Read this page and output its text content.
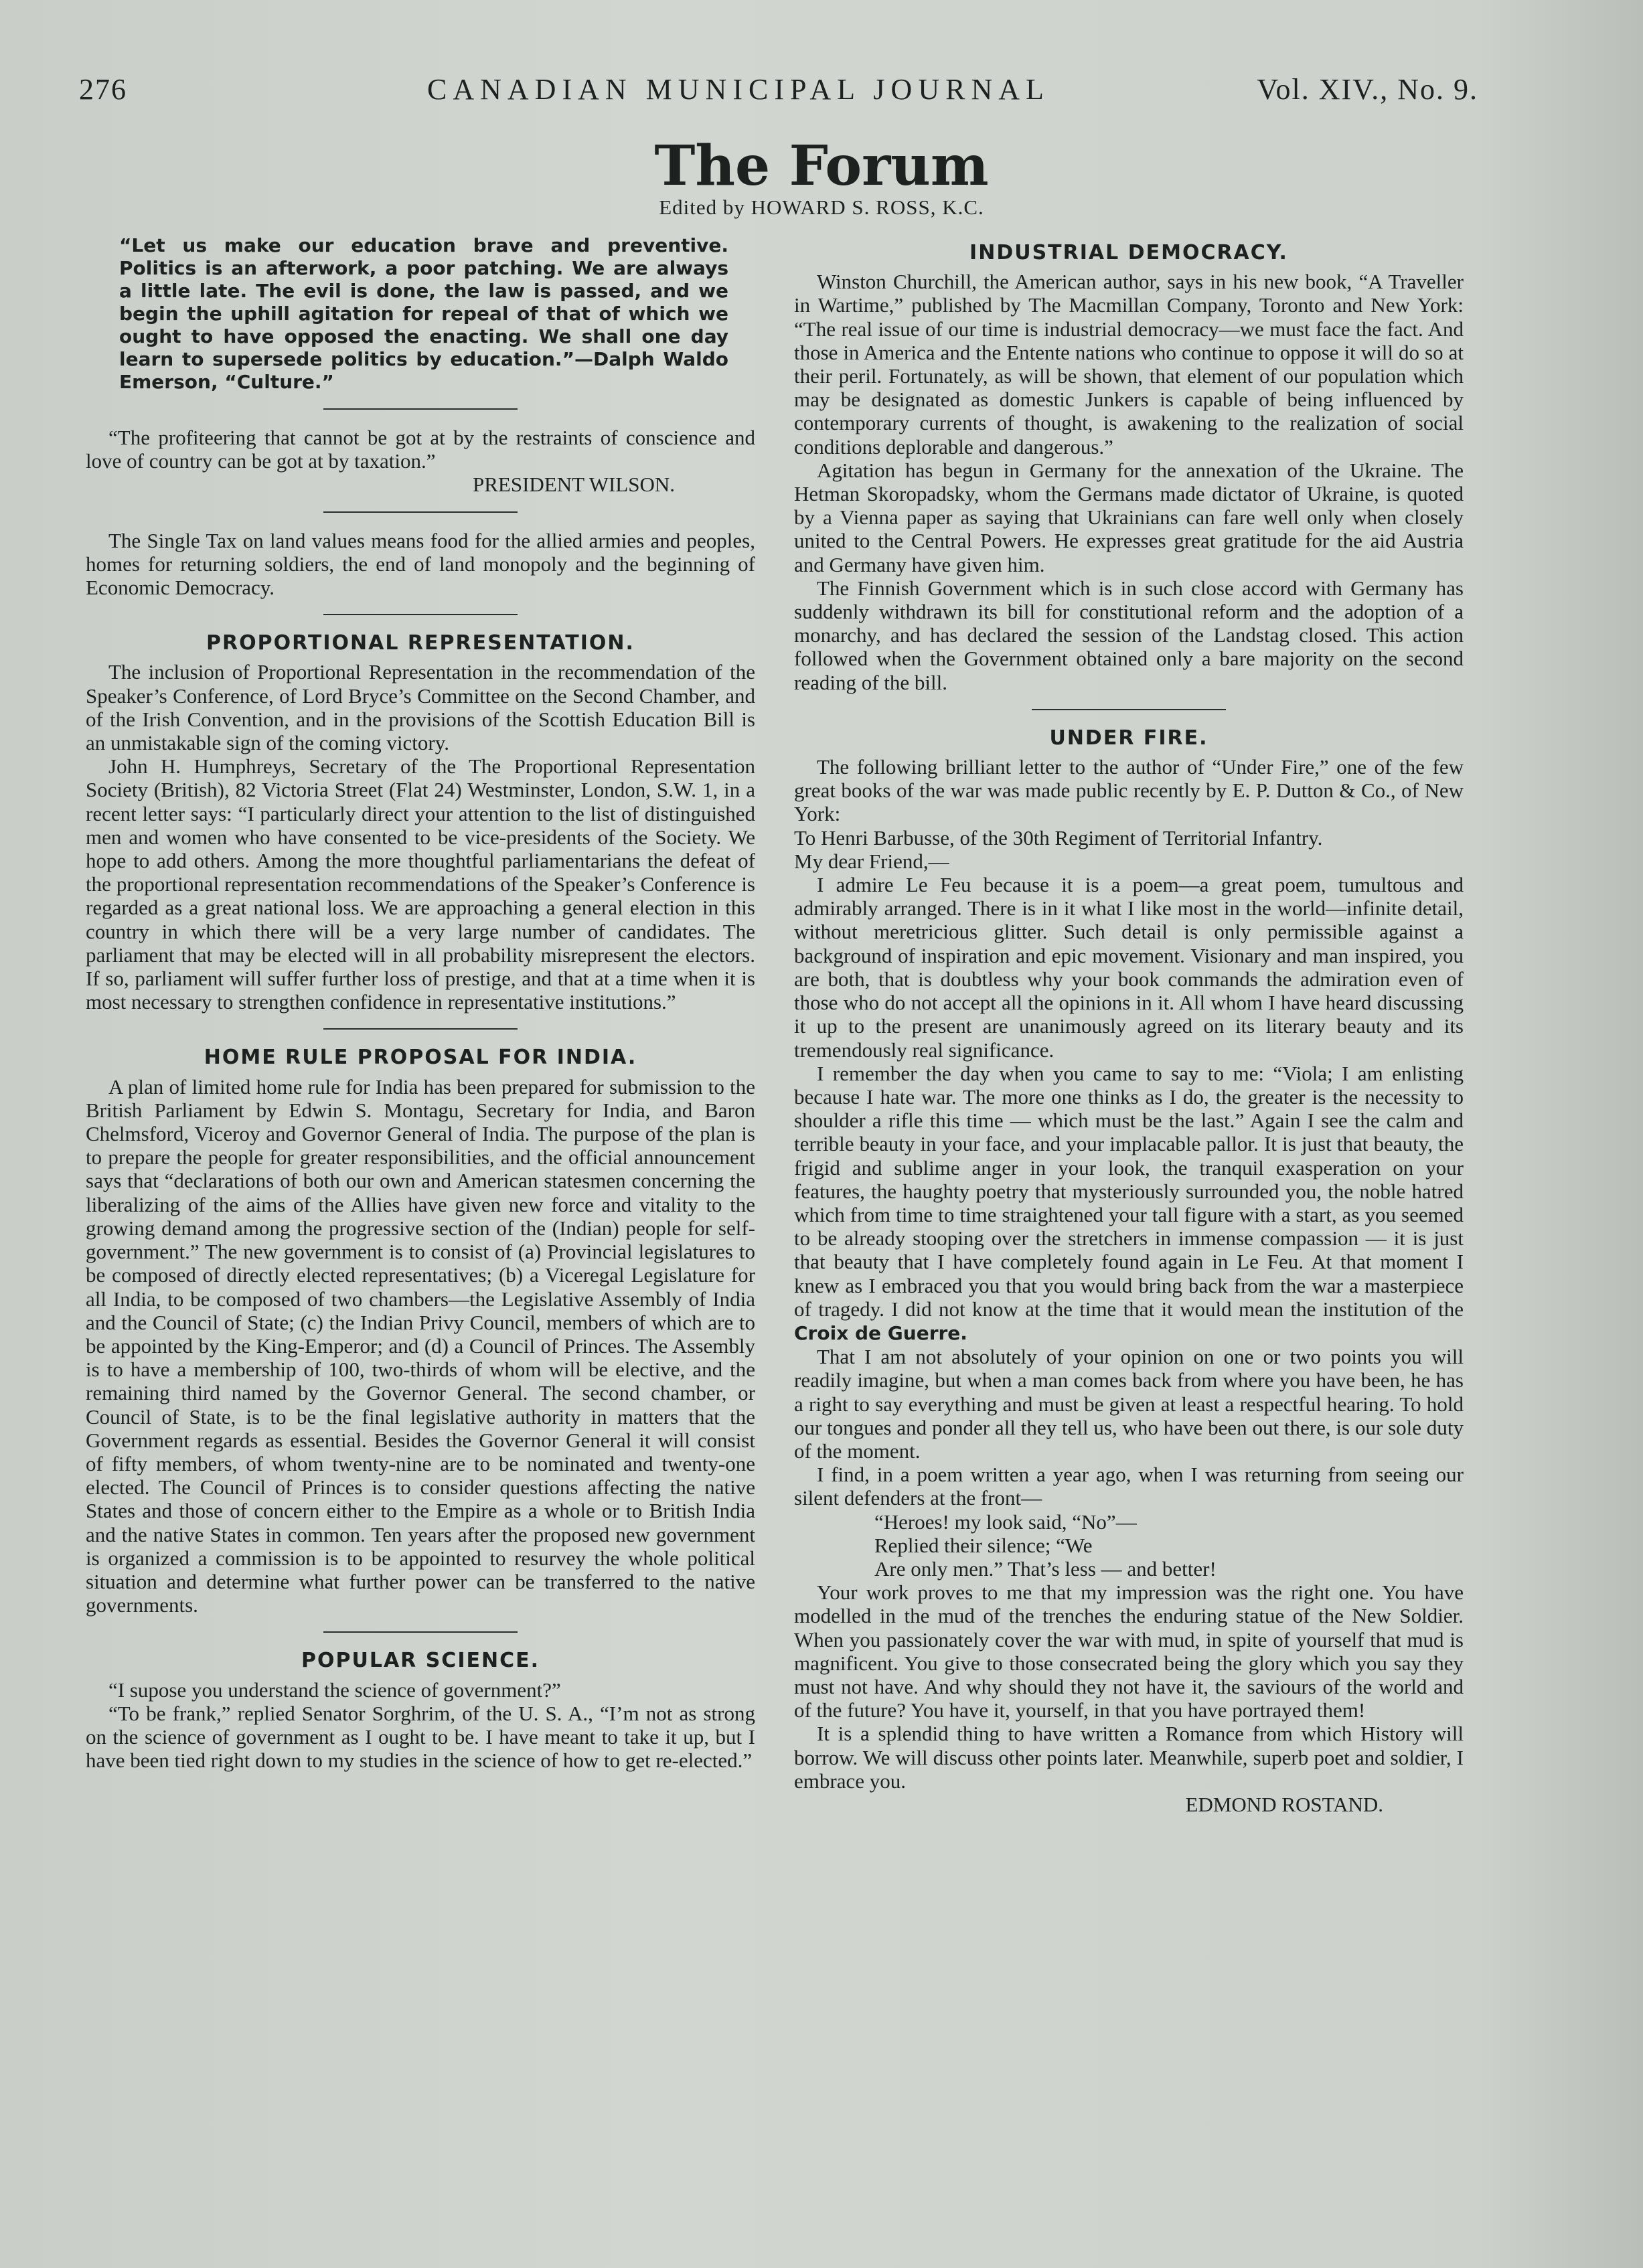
276	CANADIAN MUNICIPAL JOURNAL	Vol. XIV., No. 9.
The Forum
Edited by HOWARD S. ROSS, K.C.

“Let us make our education brave and preventive. Politics is an afterwork, a poor patching. We are always a little late. The evil is done, the law is passed, and we begin the uphill agitation for repeal of that of which we ought to have opposed the enacting. We shall one day learn to supersede politics by education.”—Dalph Waldo Emerson, “Culture.”

“The profiteering that cannot be got at by the restraints of conscience and love of country can be got at by taxation.”

PRESIDENT WILSON.

The Single Tax on land values means food for the allied armies and peoples, homes for returning soldiers, the end of land monopoly and the beginning of Economic Democracy.

PROPORTIONAL REPRESENTATION.

The inclusion of Proportional Representation in the recommendation of the Speaker’s Conference, of Lord Bryce’s Committee on the Second Chamber, and of the Irish Convention, and in the provisions of the Scottish Education Bill is an unmistakable sign of the coming victory.

John H. Humphreys, Secretary of the The Proportional Representation Society (British), 82 Victoria Street (Flat 24) Westminster, London, S.W. 1, in a recent letter says: “I particularly direct your attention to the list of distinguished men and women who have consented to be vice-presidents of the Society. We hope to add others. Among the more thoughtful parliamentarians the defeat of the proportional representation recommendations of the Speaker’s Conference is regarded as a great national loss. We are approaching a general election in this country in which there will be a very large number of candidates. The parliament that may be elected will in all probability misrepresent the electors. If so, parliament will suffer further loss of prestige, and that at a time when it is most necessary to strengthen confidence in representative institutions.”

HOME RULE PROPOSAL FOR INDIA.

A plan of limited home rule for India has been prepared for submission to the British Parliament by Edwin S. Montagu, Secretary for India, and Baron Chelmsford, Viceroy and Governor General of India. The purpose of the plan is to prepare the people for greater responsibilities, and the official announcement says that “declarations of both our own and American statesmen concerning the liberalizing of the aims of the Allies have given new force and vitality to the growing demand among the progressive section of the (Indian) people for self-government.” The new government is to consist of (a) Provincial legislatures to be composed of directly elected representatives; (b) a Viceregal Legislature for all India, to be composed of two chambers—the Legislative Assembly of India and the Council of State; (c) the Indian Privy Council, members of which are to be appointed by the King-Emperor; and (d) a Council of Princes. The Assembly is to have a membership of 100, two-thirds of whom will be elective, and the remaining third named by the Governor General. The second chamber, or Council of State, is to be the final legislative authority in matters that the Government regards as essential. Besides the Governor General it will consist of fifty members, of whom twenty-nine are to be nominated and twenty-one elected. The Council of Princes is to consider questions affecting the native States and those of concern either to the Empire as a whole or to British India and the native States in common. Ten years after the proposed new government is organized a commission is to be appointed to resurvey the whole political situation and determine what further power can be transferred to the native governments.

POPULAR SCIENCE.

“I supose you understand the science of government?”

“To be frank,” replied Senator Sorghrim, of the U. S. A., “I’m not as strong on the science of government as I ought to be. I have meant to take it up, but I have been tied right down to my studies in the science of how to get re-elected.”

INDUSTRIAL DEMOCRACY.

Winston Churchill, the American author, says in his new book, “A Traveller in Wartime,” published by The Macmillan Company, Toronto and New York: “The real issue of our time is industrial democracy—we must face the fact. And those in America and the Entente nations who continue to oppose it will do so at their peril. Fortunately, as will be shown, that element of our population which may be designated as domestic Junkers is capable of being influenced by contemporary currents of thought, is awakening to the realization of social conditions deplorable and dangerous.”

Agitation has begun in Germany for the annexation of the Ukraine. The Hetman Skoropadsky, whom the Germans made dictator of Ukraine, is quoted by a Vienna paper as saying that Ukrainians can fare well only when closely united to the Central Powers. He expresses great gratitude for the aid Austria and Germany have given him.

The Finnish Government which is in such close accord with Germany has suddenly withdrawn its bill for constitutional reform and the adoption of a monarchy, and has declared the session of the Landstag closed. This action followed when the Government obtained only a bare majority on the second reading of the bill.

UNDER FIRE.

The following brilliant letter to the author of “Under Fire,” one of the few great books of the war was made public recently by E. P. Dutton & Co., of New York:

To Henri Barbusse, of the 30th Regiment of Territorial Infantry.

My dear Friend,—

I admire Le Feu because it is a poem—a great poem, tumultous and admirably arranged. There is in it what I like most in the world—infinite detail, without meretricious glitter. Such detail is only permissible against a background of inspiration and epic movement. Visionary and man inspired, you are both, that is doubtless why your book commands the admiration even of those who do not accept all the opinions in it. All whom I have heard discussing it up to the present are unanimously agreed on its literary beauty and its tremendously real significance.

I remember the day when you came to say to me: “Viola; I am enlisting because I hate war. The more one thinks as I do, the greater is the necessity to shoulder a rifle this time — which must be the last.” Again I see the calm and terrible beauty in your face, and your implacable pallor. It is just that beauty, the frigid and sublime anger in your look, the tranquil exasperation on your features, the haughty poetry that mysteriously surrounded you, the noble hatred which from time to time straightened your tall figure with a start, as you seemed to be already stooping over the stretchers in immense compassion — it is just that beauty that I have completely found again in Le Feu. At that moment I knew as I embraced you that you would bring back from the war a masterpiece of tragedy. I did not know at the time that it would mean the institution of the Croix de Guerre.

That I am not absolutely of your opinion on one or two points you will readily imagine, but when a man comes back from where you have been, he has a right to say everything and must be given at least a respectful hearing. To hold our tongues and ponder all they tell us, who have been out there, is our sole duty of the moment.

I find, in a poem written a year ago, when I was returning from seeing our silent defenders at the front—

“Heroes! my look said, “No”—

Replied their silence; “We

Are only men.” That’s less — and better!

Your work proves to me that my impression was the right one. You have modelled in the mud of the trenches the enduring statue of the New Soldier. When you passionately cover the war with mud, in spite of yourself that mud is magnificent. You give to those consecrated being the glory which you say they must not have. And why should they not have it, the saviours of the world and of the future? You have it, yourself, in that you have portrayed them!

It is a splendid thing to have written a Romance from which History will borrow. We will discuss other points later. Meanwhile, superb poet and soldier, I embrace you.

EDMOND ROSTAND.
